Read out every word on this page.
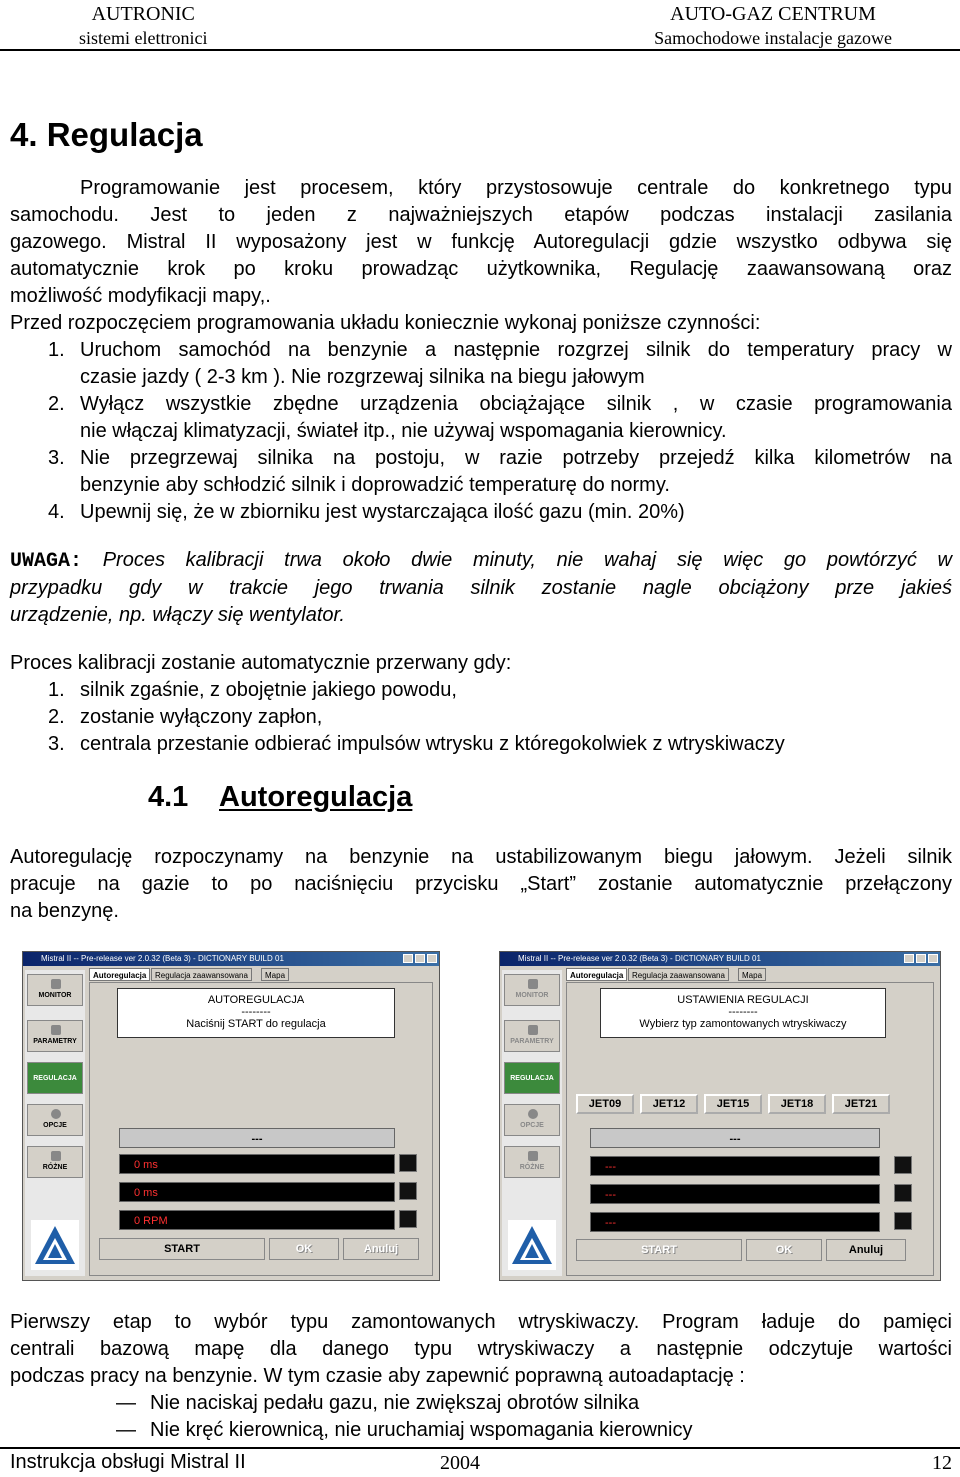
AUTRONIC
sistemi elettronici
AUTO-GAZ CENTRUM
Samochodowe instalacje gazowe
4. Regulacja
Programowanie jest procesem, który przystosowuje centrale do konkretnego typu
samochodu. Jest to jeden z najważniejszych etapów podczas instalacji zasilania
gazowego. Mistral II wyposażony jest w funkcję Autoregulacji gdzie wszystko odbywa się
automatycznie krok po kroku prowadząc użytkownika, Regulację zaawansowaną oraz
możliwość modyfikacji mapy,.
Przed rozpoczęciem programowania układu koniecznie wykonaj poniższe czynności:
1. Uruchom samochód na benzynie a następnie rozgrzej silnik do temperatury pracy w
czasie jazdy ( 2-3 km ). Nie rozgrzewaj silnika na biegu jałowym
2. Wyłącz wszystkie zbędne urządzenia obciążające silnik , w czasie programowania
nie włączaj klimatyzacji, świateł itp., nie używaj wspomagania kierownicy.
3. Nie przegrzewaj silnika na postoju, w razie potrzeby przejedź kilka kilometrów na
benzynie aby schłodzić silnik i doprowadzić temperaturę do normy.
4. Upewnij się, że w zbiorniku jest wystarczająca ilość gazu (min. 20%)
UWAGA: Proces kalibracji trwa około dwie minuty, nie wahaj się więc go powtórzyć w
przypadku gdy w trakcie jego trwania silnik zostanie nagle obciążony prze jakieś
urządzenie, np. włączy się wentylator.
Proces kalibracji zostanie automatycznie przerwany gdy:
1. silnik zgaśnie, z obojętnie jakiego powodu,
2. zostanie wyłączony zapłon,
3. centrala przestanie odbierać impulsów wtrysku z któregokolwiek z wtryskiwaczy
4.1 Autoregulacja
Autoregulację rozpoczynamy na benzynie na ustabilizowanym biegu jałowym. Jeżeli silnik
pracuje na gazie to po naciśnięciu przycisku „Start” zostanie automatycznie przełączony
na benzynę.
Mistral II -- Pre-release ver 2.0.32 (Beta 3) - DICTIONARY BUILD 01
MONITOR
PARAMETRY
REGULACJA
OPCJE
RÓŻNE
Autoregulacja	Regulacja zaawansowana	Mapa
AUTOREGULACJA
--------
Naciśnij START do regulacja
---
0 ms
0 ms
0 RPM
START	OK	Anuluj
Mistral II -- Pre-release ver 2.0.32 (Beta 3) - DICTIONARY BUILD 01
MONITOR
PARAMETRY
REGULACJA
OPCJE
RÓŻNE
Autoregulacja	Regulacja zaawansowana	Mapa
USTAWIENIA REGULACJI
--------
Wybierz typ zamontowanych wtryskiwaczy
JET09	JET12	JET15	JET18	JET21
---
---
---
---
START	OK	Anuluj
Pierwszy etap to wybór typu zamontowanych wtryskiwaczy. Program ładuje do pamięci
centrali bazową mapę dla danego typu wtryskiwaczy a następnie odczytuje wartości
podczas pracy na benzynie. W tym czasie aby zapewnić poprawną autoadaptację :
— Nie naciskaj pedału gazu, nie zwiększaj obrotów silnika
— Nie kręć kierownicą, nie uruchamiaj wspomagania kierownicy
Instrukcja obsługi Mistral II	2004	12
